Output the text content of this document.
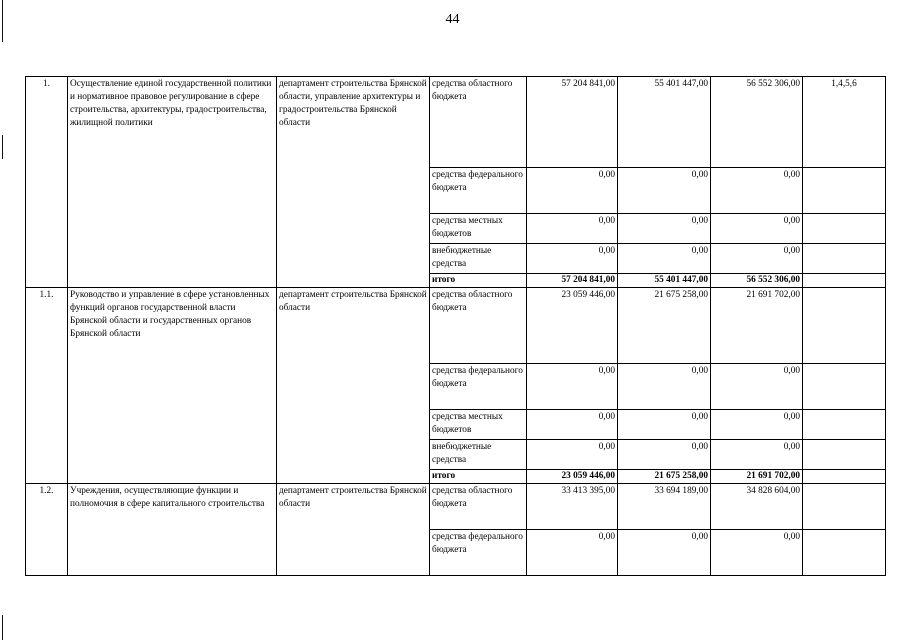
44
1.	Осуществление единой государственной политики и нормативное правовое регулирование в сфере строительства, архитектуры, градостроительства, жилищной политики	департамент строительства Брянской области, управление архитектуры и градостроительства Брянской области	средства областного бюджета	57 204 841,00	55 401 447,00	56 552 306,00	1,4,5,6
			средства федерального бюджета	0,00	0,00	0,00	
			средства местных бюджетов	0,00	0,00	0,00	
			внебюджетные средства	0,00	0,00	0,00	
			итого	57 204 841,00	55 401 447,00	56 552 306,00	
1.1.	Руководство и управление в сфере установленных функций органов государственной власти Брянской области и государственных органов Брянской области	департамент строительства Брянской области	средства областного бюджета	23 059 446,00	21 675 258,00	21 691 702,00	
			средства федерального бюджета	0,00	0,00	0,00	
			средства местных бюджетов	0,00	0,00	0,00	
			внебюджетные средства	0,00	0,00	0,00	
			итого	23 059 446,00	21 675 258,00	21 691 702,00	
1.2.	Учреждения, осуществляющие функции и полномочия в сфере капитального строительства	департамент строительства Брянской области	средства областного бюджета	33 413 395,00	33 694 189,00	34 828 604,00	
			средства федерального бюджета	0,00	0,00	0,00	
